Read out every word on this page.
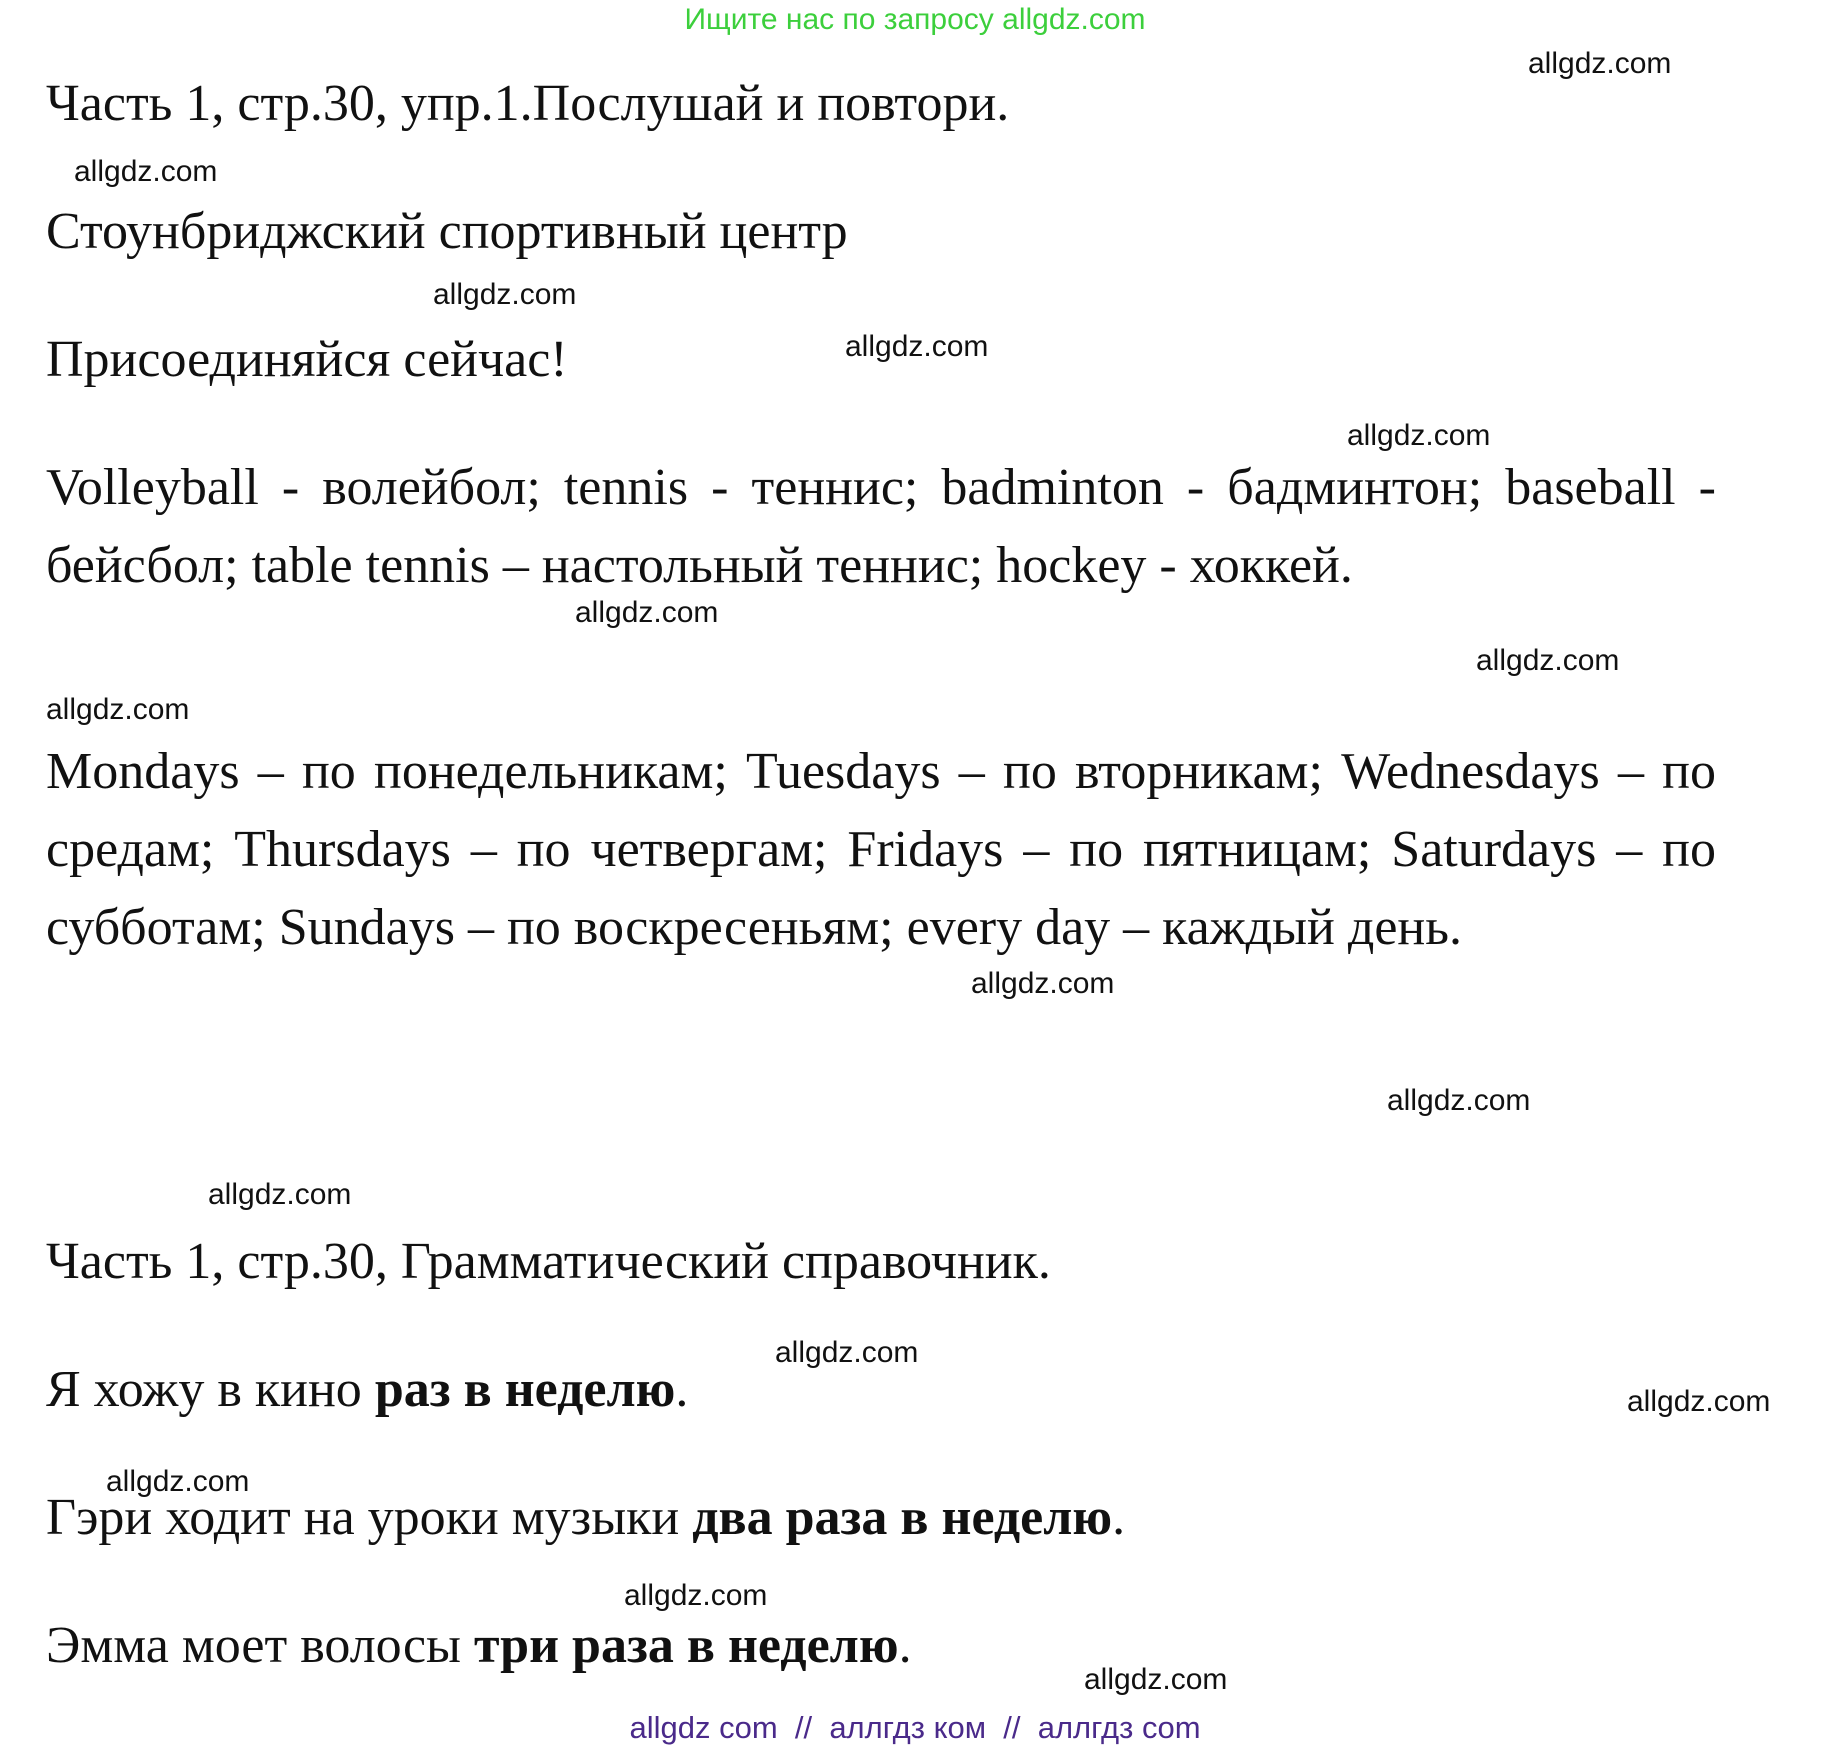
Ищите нас по запросу allgdz.com
allgdz.com
allgdz.com
allgdz.com
allgdz.com
allgdz.com
allgdz.com
allgdz.com
allgdz.com
allgdz.com
allgdz.com
allgdz.com
allgdz.com
allgdz.com
allgdz.com
allgdz.com
allgdz.com
Часть 1, стр.30, упр.1.Послушай и повтори.
Стоунбриджский спортивный центр
Присоединяйся сейчас!
Volleyball - волейбол; tennis - теннис; badminton - бадминтон; baseball - бейсбол; table tennis – настольный теннис; hockey - хоккей.
Mondays – по понедельникам; Tuesdays – по вторникам; Wednesdays – по средам; Thursdays – по четвергам; Fridays – по пятницам; Saturdays – по субботам; Sundays – по воскресеньям; every day – каждый день.
Часть 1, стр.30, Грамматический справочник.
Я хожу в кино раз в неделю.
Гэри ходит на уроки музыки два раза в неделю.
Эмма моет волосы три раза в неделю.
allgdz com  //  аллгдз ком  //  аллгдз com
